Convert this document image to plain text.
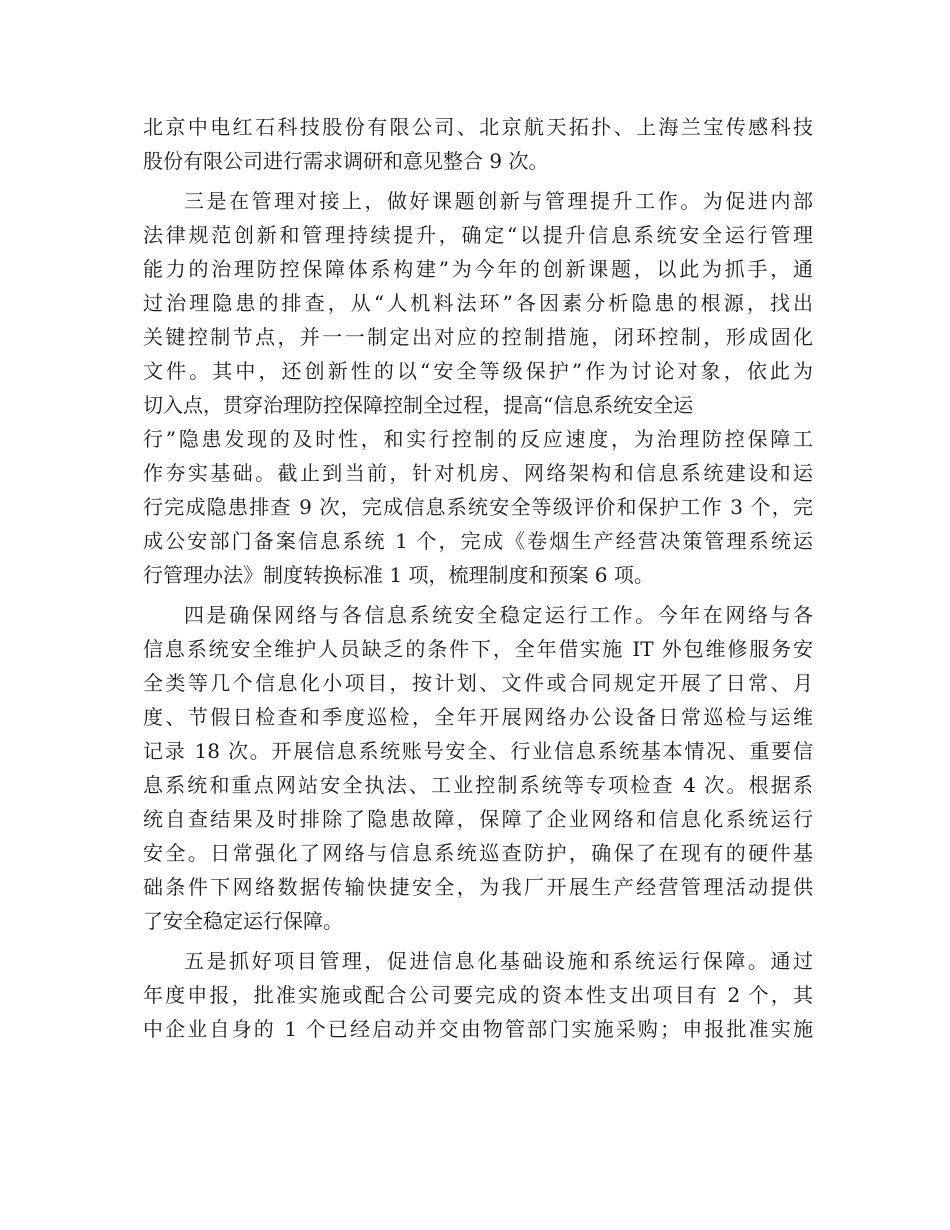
北京中电红石科技股份有限公司、北京航天拓扑、上海兰宝传感科技
股份有限公司进行需求调研和意见整合 9 次。
三是在管理对接上，做好课题创新与管理提升工作。为促进内部
法律规范创新和管理持续提升，确定“以提升信息系统安全运行管理
能力的治理防控保障体系构建”为今年的创新课题，以此为抓手，通
过治理隐患的排查，从“人机料法环”各因素分析隐患的根源，找出
关键控制节点，并一一制定出对应的控制措施，闭环控制，形成固化
文件。其中，还创新性的以“安全等级保护”作为讨论对象，依此为
切入点，贯穿治理防控保障控制全过程，提高“信息系统安全运
行”隐患发现的及时性，和实行控制的反应速度，为治理防控保障工
作夯实基础。截止到当前，针对机房、网络架构和信息系统建设和运
行完成隐患排查 9 次，完成信息系统安全等级评价和保护工作 3 个，完
成公安部门备案信息系统 1 个，完成《卷烟生产经营决策管理系统运
行管理办法》制度转换标准 1 项，梳理制度和预案 6 项。
四是确保网络与各信息系统安全稳定运行工作。今年在网络与各
信息系统安全维护人员缺乏的条件下，全年借实施 IT 外包维修服务安
全类等几个信息化小项目，按计划、文件或合同规定开展了日常、月
度、节假日检查和季度巡检，全年开展网络办公设备日常巡检与运维
记录 18 次。开展信息系统账号安全、行业信息系统基本情况、重要信
息系统和重点网站安全执法、工业控制系统等专项检查 4 次。根据系
统自查结果及时排除了隐患故障，保障了企业网络和信息化系统运行
安全。日常强化了网络与信息系统巡查防护，确保了在现有的硬件基
础条件下网络数据传输快捷安全，为我厂开展生产经营管理活动提供
了安全稳定运行保障。
五是抓好项目管理，促进信息化基础设施和系统运行保障。通过
年度申报，批准实施或配合公司要完成的资本性支出项目有 2 个，其
中企业自身的 1 个已经启动并交由物管部门实施采购；申报批准实施
